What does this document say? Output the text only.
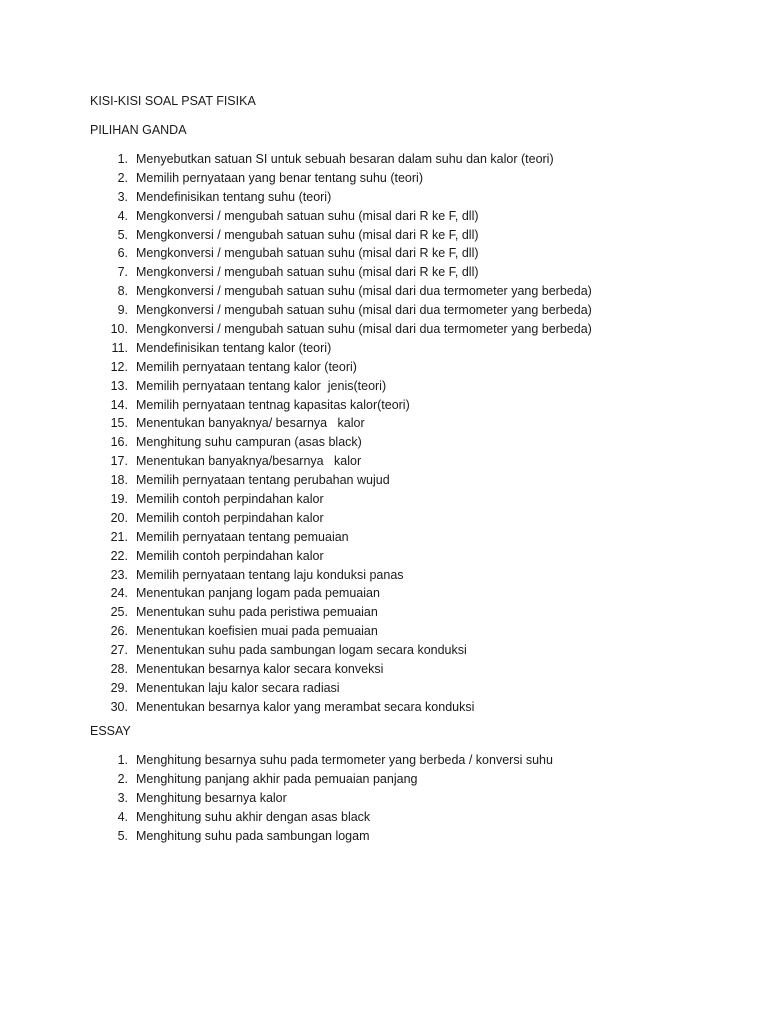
KISI-KISI SOAL PSAT FISIKA
PILIHAN GANDA
1. Menyebutkan satuan SI untuk sebuah besaran dalam suhu dan kalor (teori)
2. Memilih pernyataan yang benar tentang suhu (teori)
3. Mendefinisikan tentang suhu (teori)
4. Mengkonversi / mengubah satuan suhu (misal dari R ke F, dll)
5. Mengkonversi / mengubah satuan suhu (misal dari R ke F, dll)
6. Mengkonversi / mengubah satuan suhu (misal dari R ke F, dll)
7. Mengkonversi / mengubah satuan suhu (misal dari R ke F, dll)
8. Mengkonversi / mengubah satuan suhu (misal dari dua termometer yang berbeda)
9. Mengkonversi / mengubah satuan suhu (misal dari dua termometer yang berbeda)
10. Mengkonversi / mengubah satuan suhu (misal dari dua termometer yang berbeda)
11. Mendefinisikan tentang kalor (teori)
12. Memilih pernyataan tentang kalor (teori)
13. Memilih pernyataan tentang kalor  jenis(teori)
14. Memilih pernyataan tentnag kapasitas kalor(teori)
15. Menentukan banyaknya/ besarnya   kalor
16. Menghitung suhu campuran (asas black)
17. Menentukan banyaknya/besarnya   kalor
18. Memilih pernyataan tentang perubahan wujud
19. Memilih contoh perpindahan kalor
20. Memilih contoh perpindahan kalor
21. Memilih pernyataan tentang pemuaian
22. Memilih contoh perpindahan kalor
23. Memilih pernyataan tentang laju konduksi panas
24. Menentukan panjang logam pada pemuaian
25. Menentukan suhu pada peristiwa pemuaian
26. Menentukan koefisien muai pada pemuaian
27. Menentukan suhu pada sambungan logam secara konduksi
28. Menentukan besarnya kalor secara konveksi
29. Menentukan laju kalor secara radiasi
30. Menentukan besarnya kalor yang merambat secara konduksi
ESSAY
1. Menghitung besarnya suhu pada termometer yang berbeda / konversi suhu
2. Menghitung panjang akhir pada pemuaian panjang
3. Menghitung besarnya kalor
4. Menghitung suhu akhir dengan asas black
5. Menghitung suhu pada sambungan logam
